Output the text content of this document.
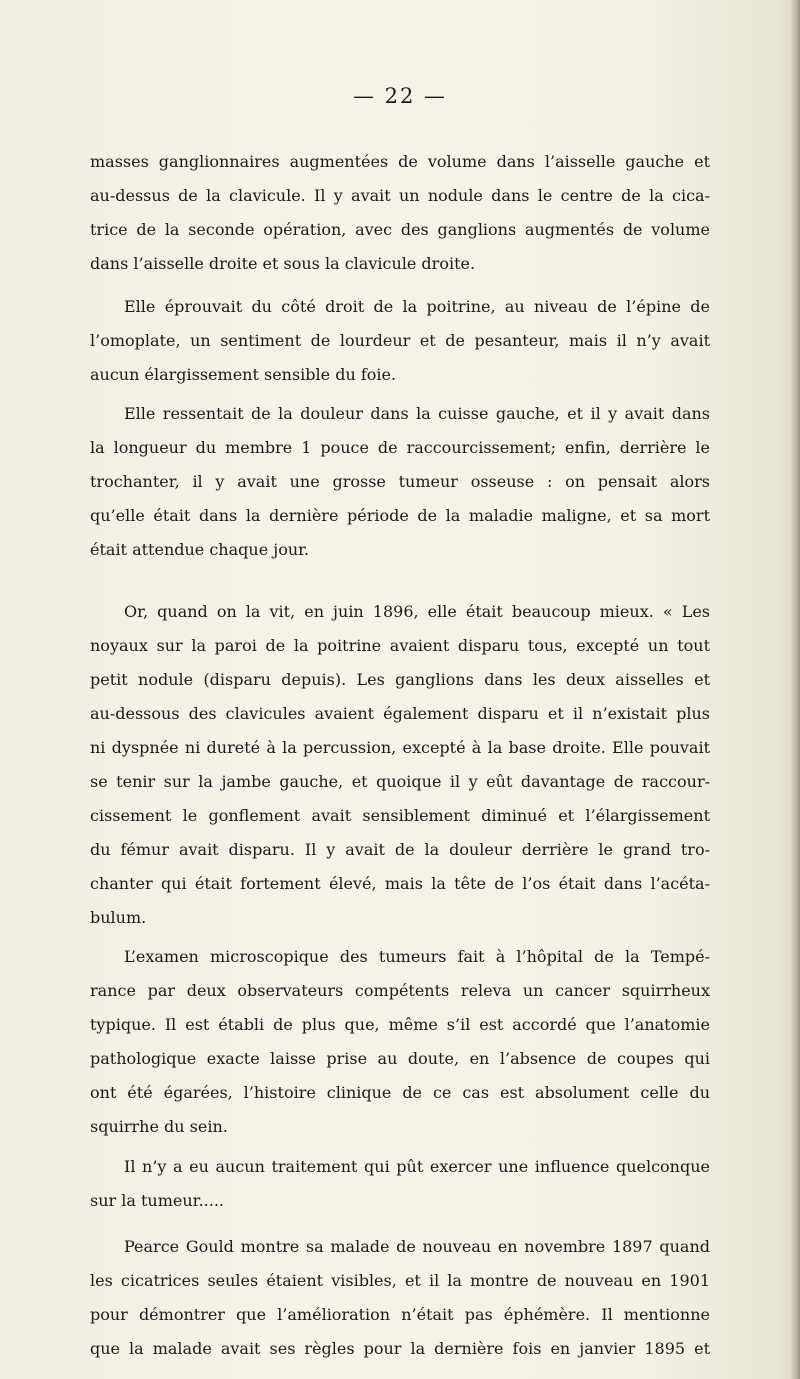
— 22 —
masses ganglionnaires augmentées de volume dans l’aisselle gauche et
au-dessus de la clavicule. Il y avait un nodule dans le centre de la cica-
trice de la seconde opération, avec des ganglions augmentés de volume
dans l’aisselle droite et sous la clavicule droite.
Elle éprouvait du côté droit de la poitrine, au niveau de l’épine de
l’omoplate, un sentiment de lourdeur et de pesanteur, mais il n’y avait
aucun élargissement sensible du foie.
Elle ressentait de la douleur dans la cuisse gauche, et il y avait dans
la longueur du membre 1 pouce de raccourcissement; enfin, derrière le
trochanter, il y avait une grosse tumeur osseuse : on pensait alors
qu’elle était dans la dernière période de la maladie maligne, et sa mort
était attendue chaque jour.
Or, quand on la vit, en juin 1896, elle était beaucoup mieux. « Les
noyaux sur la paroi de la poitrine avaient disparu tous, excepté un tout
petit nodule (disparu depuis). Les ganglions dans les deux aisselles et
au-dessous des clavicules avaient également disparu et il n’existait plus
ni dyspnée ni dureté à la percussion, excepté à la base droite. Elle pouvait
se tenir sur la jambe gauche, et quoique il y eût davantage de raccour-
cissement le gonflement avait sensiblement diminué et l’élargissement
du fémur avait disparu. Il y avait de la douleur derrière le grand tro-
chanter qui était fortement élevé, mais la tête de l’os était dans l’acéta-
bulum.
L’examen microscopique des tumeurs fait à l’hôpital de la Tempé-
rance par deux observateurs compétents releva un cancer squirrheux
typique. Il est établi de plus que, même s’il est accordé que l’anatomie
pathologique exacte laisse prise au doute, en l’absence de coupes qui
ont été égarées, l’histoire clinique de ce cas est absolument celle du
squirrhe du sein.
Il n’y a eu aucun traitement qui pût exercer une influence quelconque
sur la tumeur.....
Pearce Gould montre sa malade de nouveau en novembre 1897 quand
les cicatrices seules étaient visibles, et il la montre de nouveau en 1901
pour démontrer que l’amélioration n’était pas éphémère. Il mentionne
que la malade avait ses règles pour la dernière fois en janvier 1895 et
